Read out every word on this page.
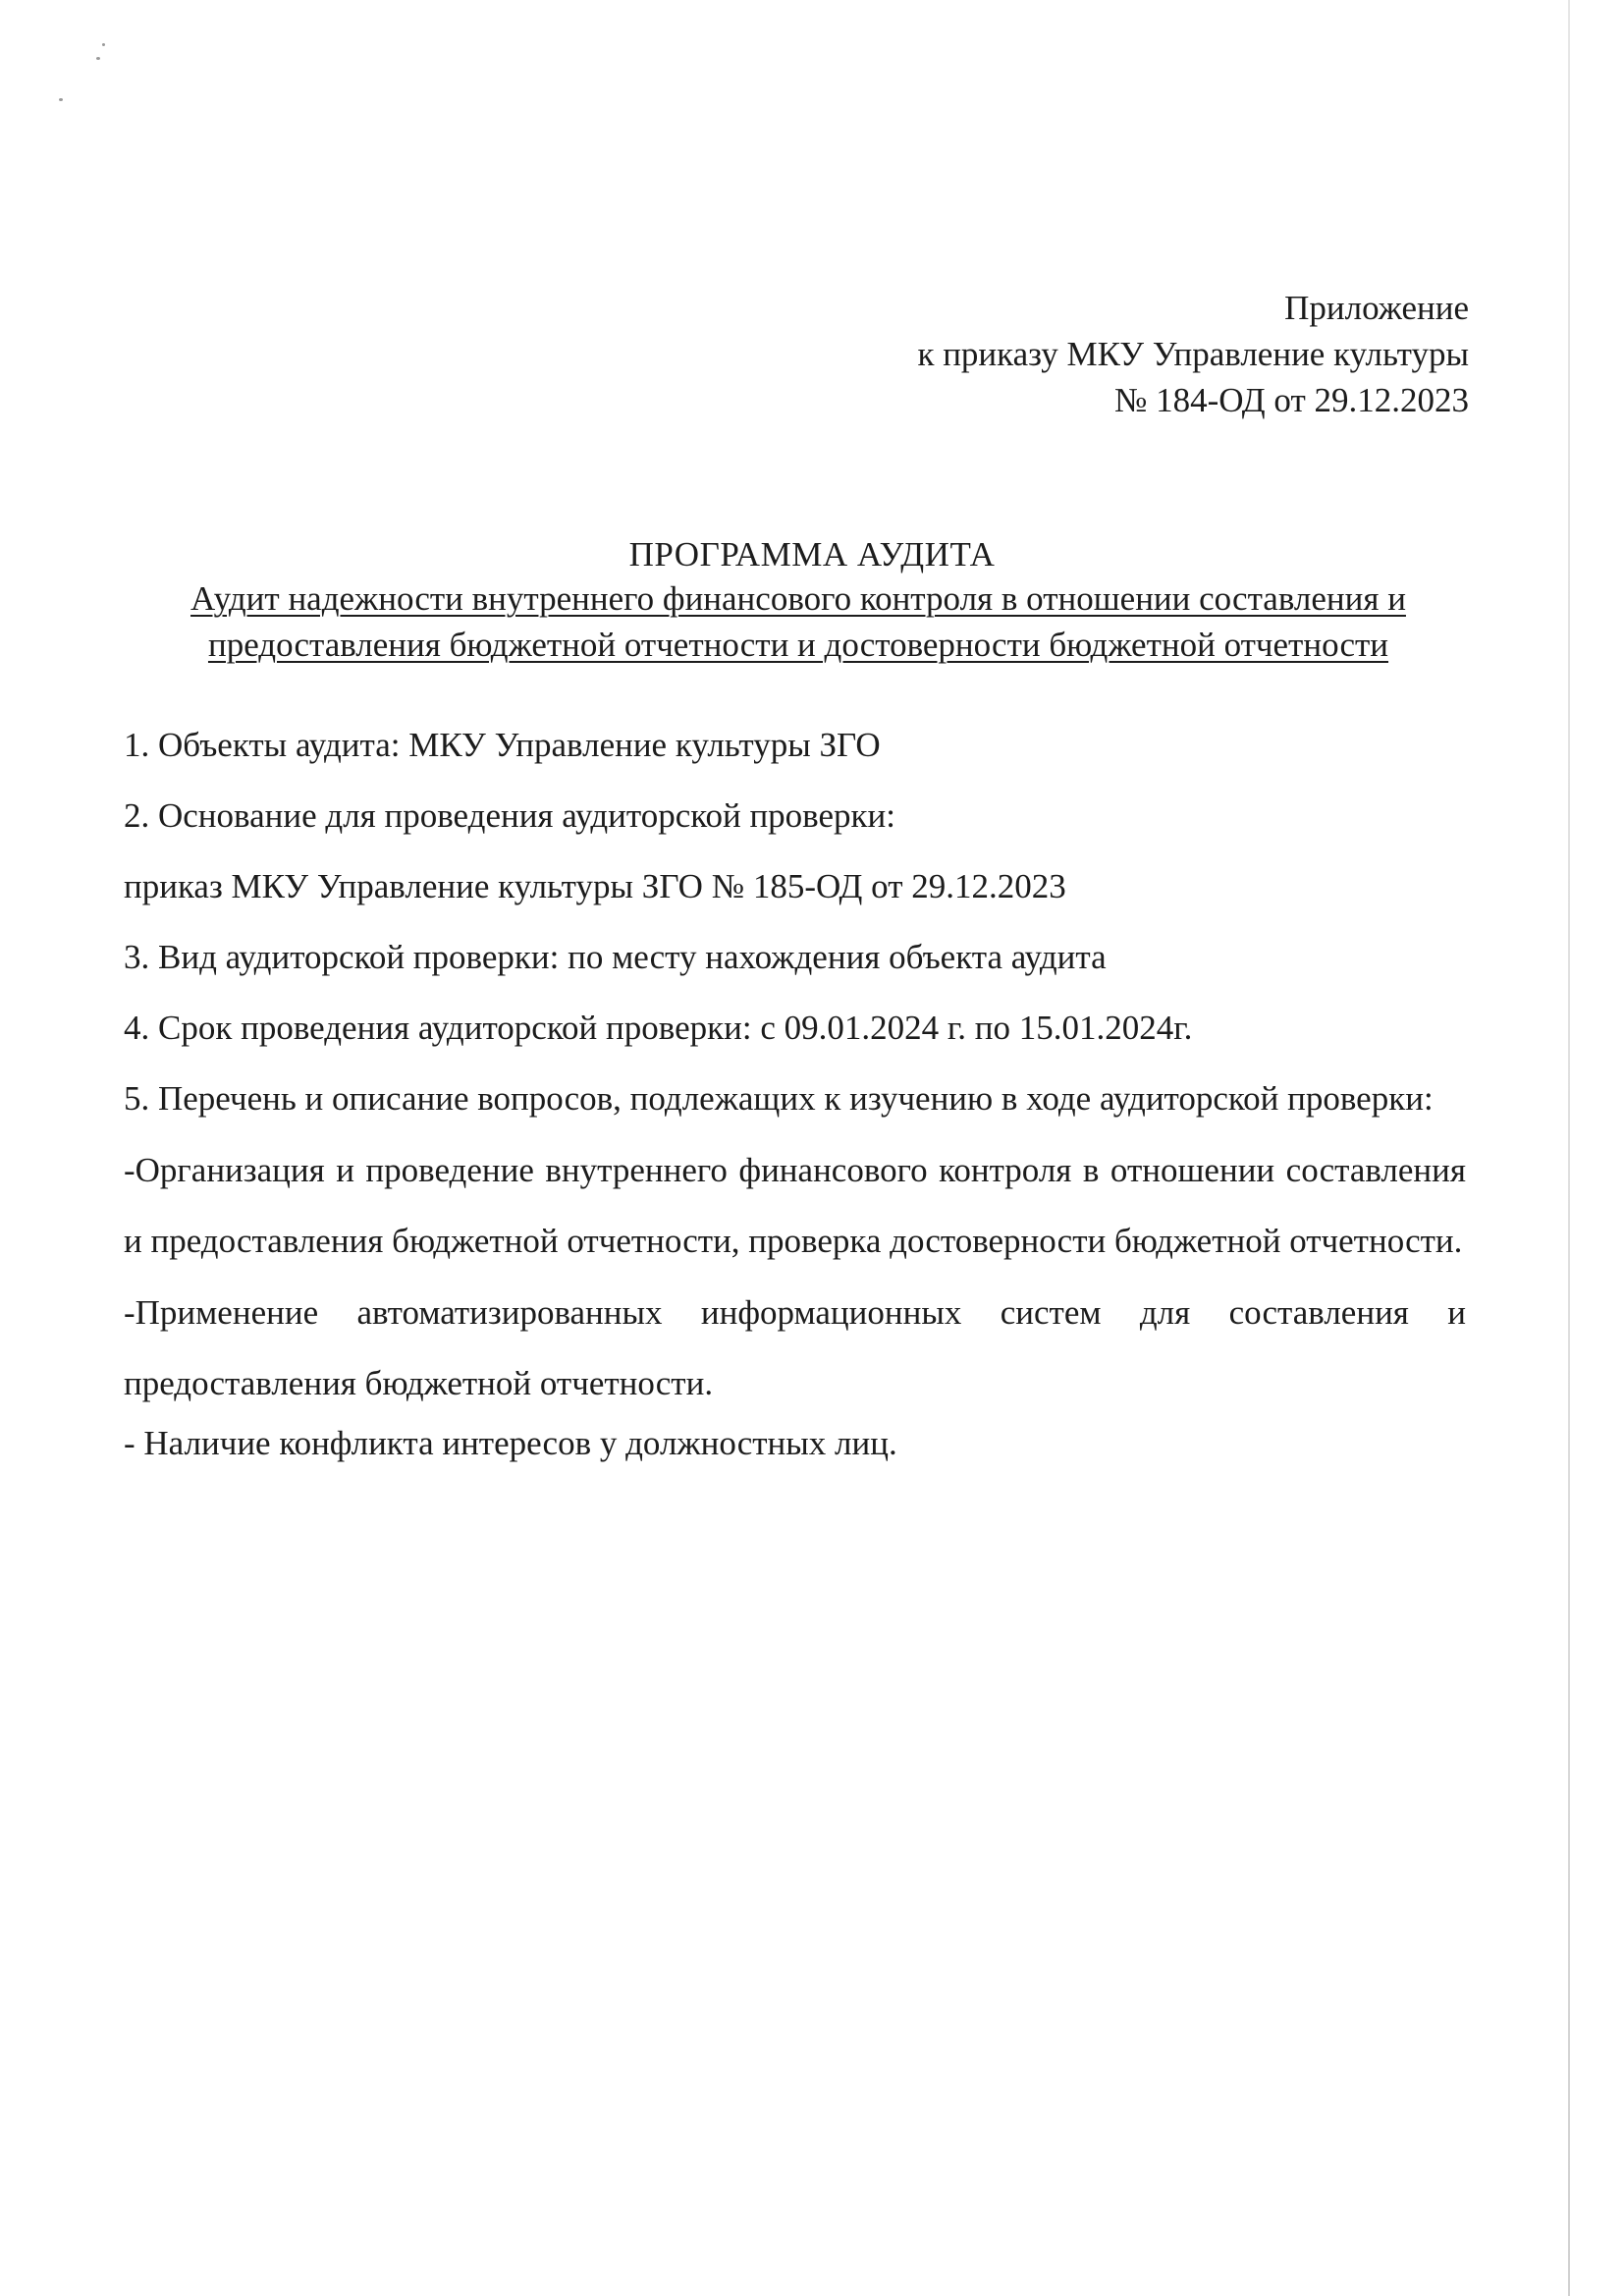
Приложение
к приказу МКУ Управление культуры
№ 184-ОД от 29.12.2023
ПРОГРАММА АУДИТА
Аудит надежности внутреннего финансового контроля в отношении составления и предоставления бюджетной отчетности и достоверности бюджетной отчетности
1. Объекты аудита: МКУ Управление культуры ЗГО
2. Основание для проведения аудиторской проверки:
приказ МКУ Управление культуры ЗГО № 185-ОД от 29.12.2023
3. Вид аудиторской проверки: по месту нахождения объекта аудита
4. Срок проведения аудиторской проверки: с 09.01.2024 г. по 15.01.2024г.
5. Перечень и описание вопросов, подлежащих к изучению в ходе аудиторской проверки:
-Организация и проведение внутреннего финансового контроля в отношении составления и предоставления бюджетной отчетности, проверка достоверности бюджетной отчетности.
-Применение автоматизированных информационных систем для составления и предоставления бюджетной отчетности.
- Наличие конфликта интересов у должностных лиц.
